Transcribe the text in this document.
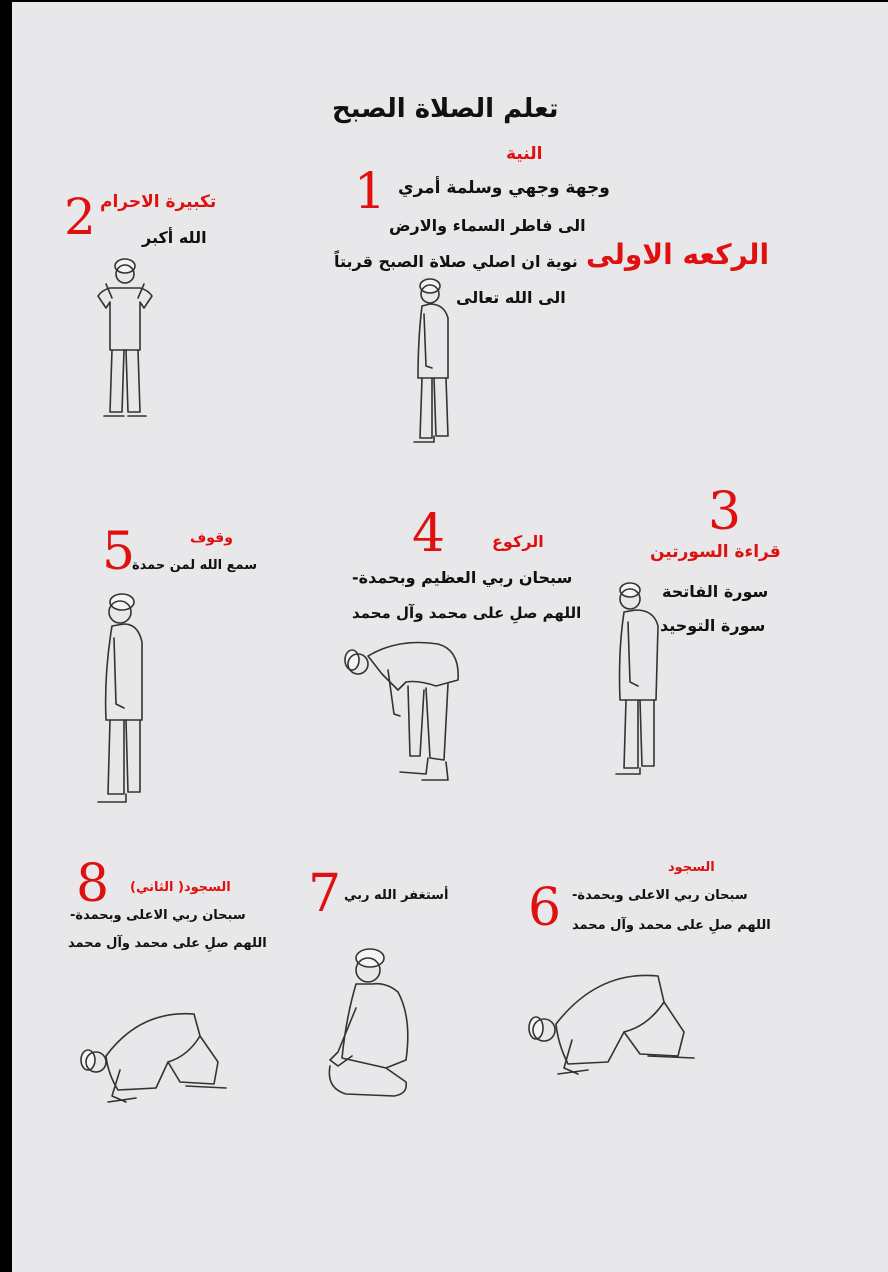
تعلم الصلاة الصبح
الركعه الاولى
النية
1 وجهة وجهي وسلمة أمري
الى فاطر السماء والارض
نوية ان اصلي صلاة الصبح قربتاً
الى الله تعالى
2 تكبيرة الاحرام
الله أكبر
3
قراءة السورتين
سورة الفاتحة
سورة التوحيد
4	الركوع
سبحان ربي العظيم وبحمدة-
اللهم صلِ على محمد وآل محمد
5	وقوف
سمع الله لمن حمدة
السجود
6 سبحان ربي الاعلى وبحمدة-
اللهم صلِ على محمد وآل محمد
7 أستغفر الله ربي
8 السجود( الثاني)
سبحان ربي الاعلى وبحمدة-
اللهم صلِ على محمد وآل محمد
